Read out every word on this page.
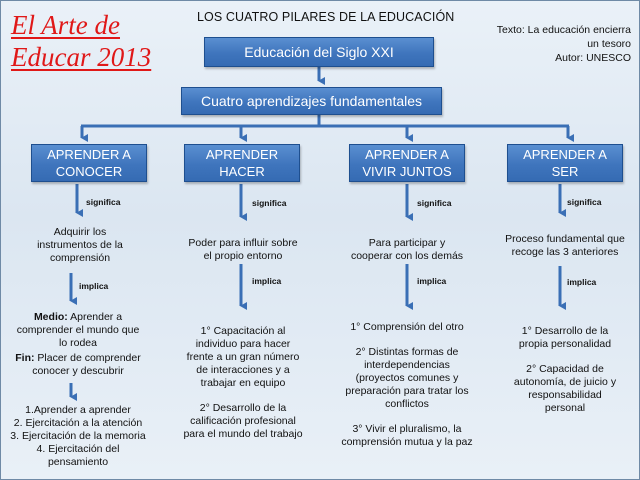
El Arte de
Educar 2013
LOS CUATRO PILARES DE LA EDUCACIÓN
Texto: La educación encierra
un tesoro
Autor: UNESCO
Educación del Siglo XXI
Cuatro aprendizajes fundamentales
APRENDER A
CONOCER
APRENDER
HACER
APRENDER A
VIVIR JUNTOS
APRENDER A
SER
significa	significa	significa	significa
implica	implica	implica	implica
Adquirir los
instrumentos de la
comprensión
Medio: Aprender a
comprender el mundo que
lo rodea
Fin: Placer de comprender
conocer y descubrir
1.Aprender a aprender
2. Ejercitación a la atención
3. Ejercitación de la memoria
4. Ejercitación del
pensamiento
Poder para influir sobre
el propio entorno
1° Capacitación al
individuo para hacer
frente a un gran número
de interacciones y a
trabajar en equipo
2° Desarrollo de la
calificación profesional
para el mundo del trabajo
Para participar y
cooperar con los demás
1° Comprensión del otro
2° Distintas formas de
interdependencias
(proyectos comunes y
preparación para tratar los
conflictos
3° Vivir el pluralismo, la
comprensión mutua y la paz
Proceso fundamental que
recoge las 3 anteriores
1° Desarrollo de la
propia personalidad
2° Capacidad de
autonomía, de juicio y
responsabilidad
personal
